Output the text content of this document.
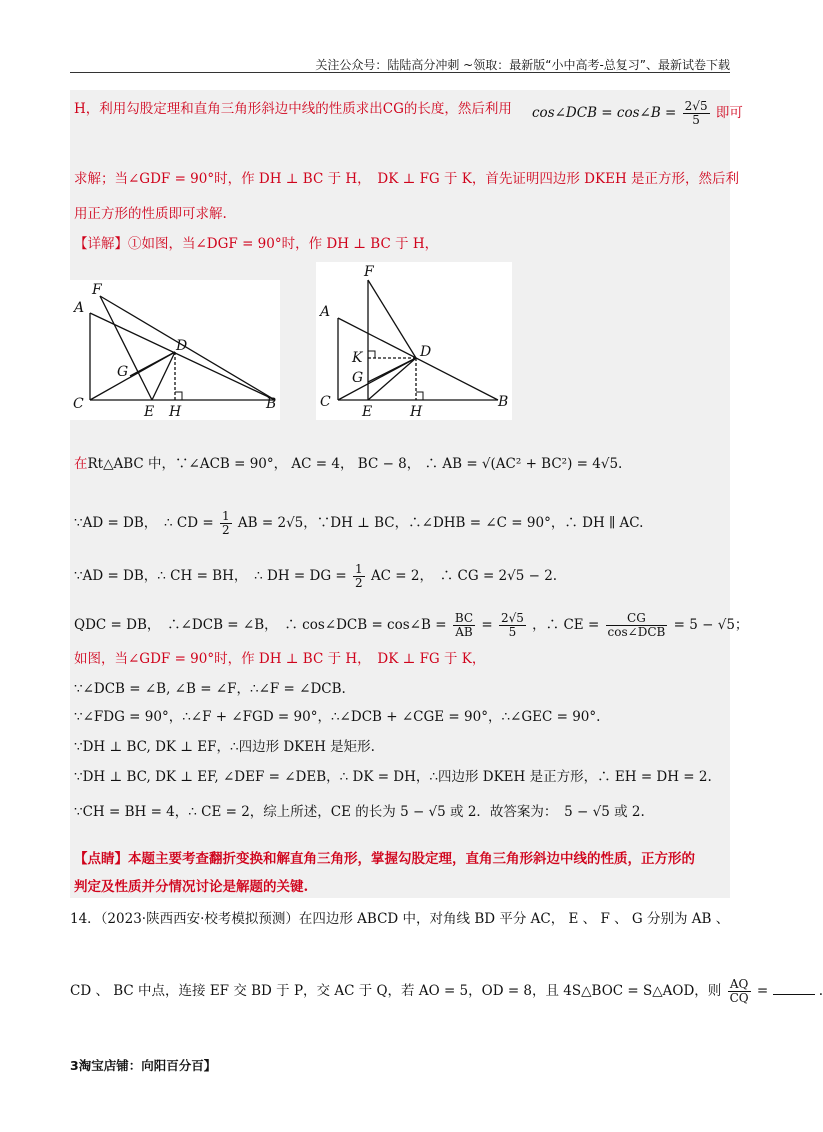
关注公众号：陆陆高分冲刺 ~领取：最新版“小中高考-总复习”、最新试卷下载
H，利用勾股定理和直角三角形斜边中线的性质求出CG的长度，然后利用 cos∠DCB = cos∠B = $\frac{2√5}{5}$ 即可
求解；当∠GDF = 90°时，作 DH ⊥ BC 于 H，　DK ⊥ FG 于 K，首先证明四边形 DKEH 是正方形，然后利
用正方形的性质即可求解.
【详解】①如图，当∠DGF = 90°时，作 DH ⊥ BC 于 H，
F
A
D
G
C	E H	B
F
A
K	D
G
C
E	H
B
在Rt△ABC 中，∵∠ACB = 90°， AC = 4， BC − 8， ∴ AB = √(AC² + BC²) = 4√5.
∵AD = DB，　∴ CD = $\frac{1}{2}$ AB = 2√5，∵DH ⊥ BC，∴∠DHB = ∠C = 90°，∴ DH ∥ AC.
∵AD = DB，∴ CH = BH，　∴ DH = DG = $\frac{1}{2}$ AC = 2，　∴ CG = 2√5 − 2.
QDC = DB，　∴∠DCB = ∠B，　∴ cos∠DCB = cos∠B = $\frac{BC}{AB} = \frac{2√5}{5}$ ，∴ CE = $\frac{CG}{\text{cos∠DCB}} = 5 - √5$；
如图，当∠GDF = 90°时，作 DH ⊥ BC 于 H，　DK ⊥ FG 于 K，
∵∠DCB = ∠B, ∠B = ∠F，∴∠F = ∠DCB.
∵∠FDG = 90°，∴∠F + ∠FGD = 90°，∴∠DCB + ∠CGE = 90°，∴∠GEC = 90°.
∵DH ⊥ BC, DK ⊥ EF，∴四边形 DKEH 是矩形.
∵DH ⊥ BC, DK ⊥ EF, ∠DEF = ∠DEB，∴ DK = DH，∴四边形 DKEH 是正方形，∴ EH = DH = 2.
∵CH = BH = 4，∴ CE = 2，综上所述，CE 的长为 5 − √5 或 2．故答案为：　5 − √5 或 2.
【点睛】本题主要考查翻折变换和解直角三角形，掌握勾股定理，直角三角形斜边中线的性质，正方形的
判定及性质并分情况讨论是解题的关键.
14．（2023·陕西西安·校考模拟预测）在四边形 ABCD 中，对角线 BD 平分 AC， E 、 F 、 G 分别为 AB 、
CD 、 BC 中点，连接 EF 交 BD 于 P，交 AC 于 Q，若 AO = 5，OD = 8，且 4S△BOC = S△AOD，则 $\frac{AQ}{CQ}$ =	.
3淘宝店铺：向阳百分百】
